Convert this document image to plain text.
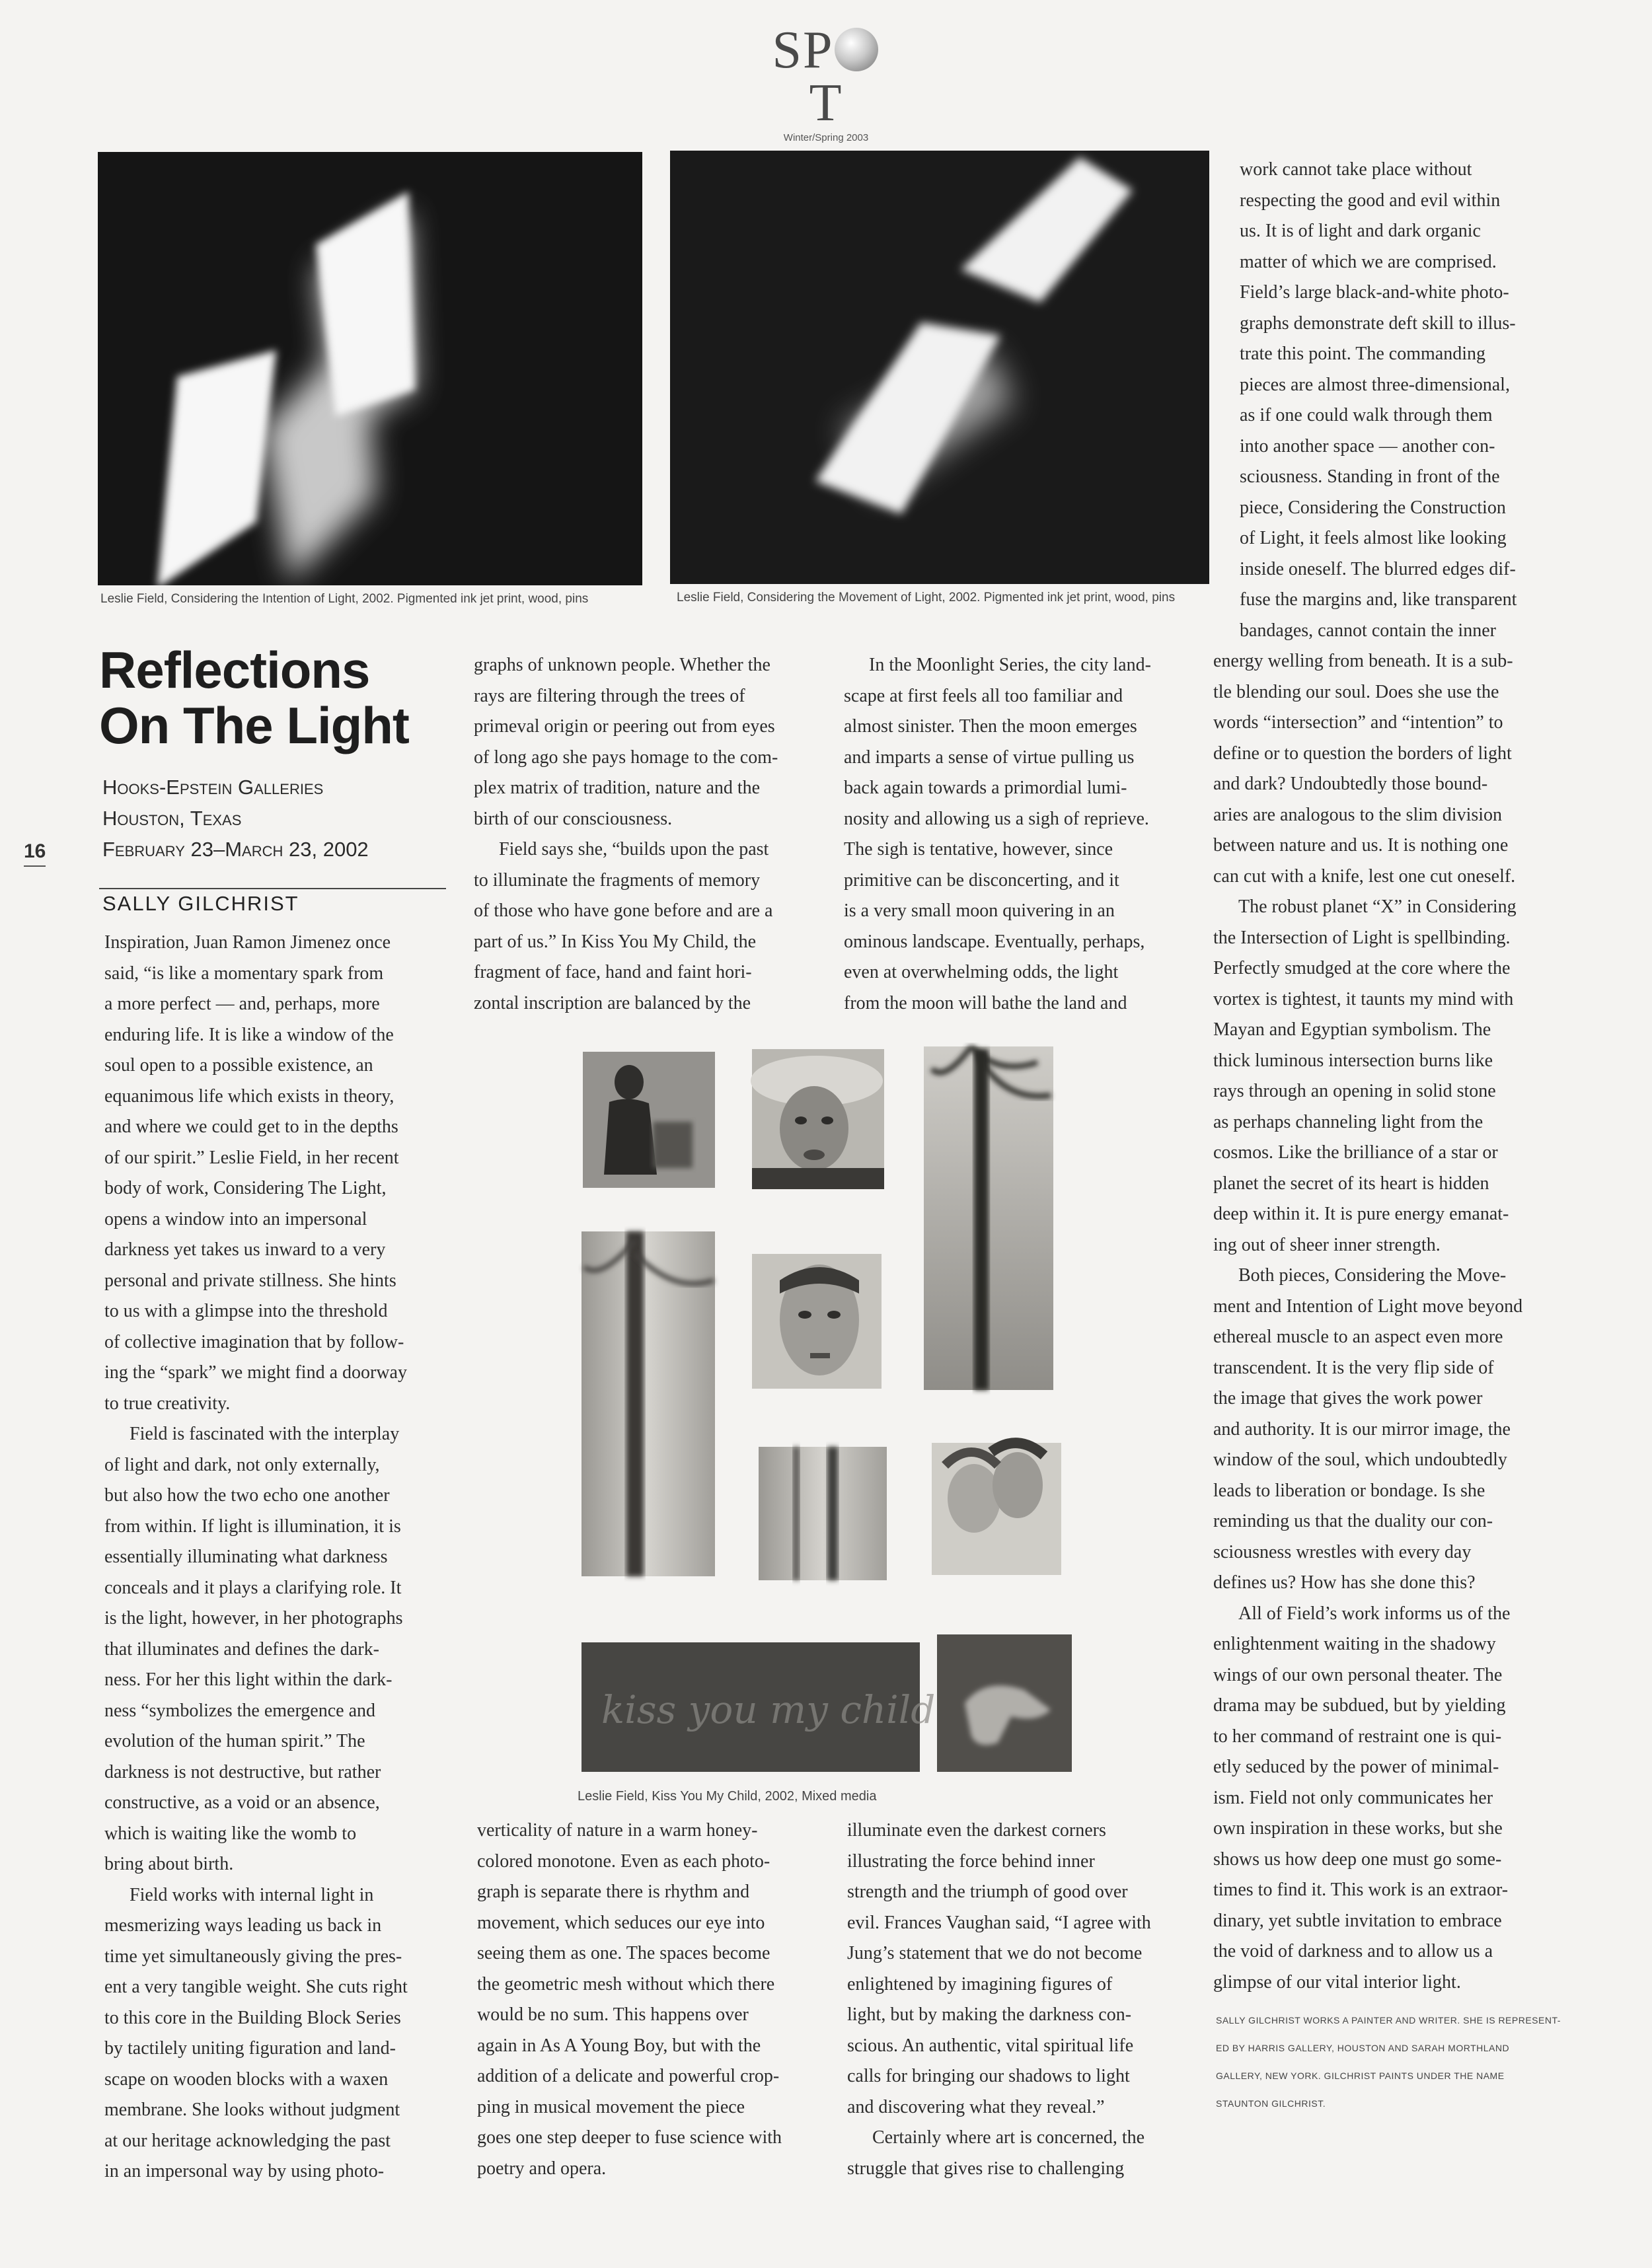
SPT
Winter/Spring 2003
Leslie Field, Considering the Intention of Light, 2002. Pigmented ink jet print, wood, pins	Leslie Field, Considering the Movement of Light, 2002. Pigmented ink jet print, wood, pins
Reflections
On The Light
Hooks-Epstein Galleries
Houston, Texas
February 23–March 23, 2002
16
SALLY GILCHRIST

Inspiration, Juan Ramon Jimenez once

said, “is like a momentary spark from

a more perfect — and, perhaps, more

enduring life. It is like a window of the

soul open to a possible existence, an

equanimous life which exists in theory,

and where we could get to in the depths

of our spirit.” Leslie Field, in her recent

body of work, Considering The Light,

opens a window into an impersonal

darkness yet takes us inward to a very

personal and private stillness. She hints

to us with a glimpse into the threshold

of collective imagination that by follow-

ing the “spark” we might find a doorway

to true creativity.

Field is fascinated with the interplay

of light and dark, not only externally,

but also how the two echo one another

from within. If light is illumination, it is

essentially illuminating what darkness

conceals and it plays a clarifying role. It

is the light, however, in her photographs

that illuminates and defines the dark-

ness. For her this light within the dark-

ness “symbolizes the emergence and

evolution of the human spirit.” The

darkness is not destructive, but rather

constructive, as a void or an absence,

which is waiting like the womb to

bring about birth.

Field works with internal light in

mesmerizing ways leading us back in

time yet simultaneously giving the pres-

ent a very tangible weight. She cuts right

to this core in the Building Block Series

by tactilely uniting figuration and land-

scape on wooden blocks with a waxen

membrane. She looks without judgment

at our heritage acknowledging the past

in an impersonal way by using photo-

graphs of unknown people. Whether the

rays are filtering through the trees of

primeval origin or peering out from eyes

of long ago she pays homage to the com-

plex matrix of tradition, nature and the

birth of our consciousness.

Field says she, “builds upon the past

to illuminate the fragments of memory

of those who have gone before and are a

part of us.” In Kiss You My Child, the

fragment of face, hand and faint hori-

zontal inscription are balanced by the

verticality of nature in a warm honey-

colored monotone. Even as each photo-

graph is separate there is rhythm and

movement, which seduces our eye into

seeing them as one. The spaces become

the geometric mesh without which there

would be no sum. This happens over

again in As A Young Boy, but with the

addition of a delicate and powerful crop-

ping in musical movement the piece

goes one step deeper to fuse science with

poetry and opera.

In the Moonlight Series, the city land-

scape at first feels all too familiar and

almost sinister. Then the moon emerges

and imparts a sense of virtue pulling us

back again towards a primordial lumi-

nosity and allowing us a sigh of reprieve.

The sigh is tentative, however, since

primitive can be disconcerting, and it

is a very small moon quivering in an

ominous landscape. Eventually, perhaps,

even at overwhelming odds, the light

from the moon will bathe the land and

illuminate even the darkest corners

illustrating the force behind inner

strength and the triumph of good over

evil. Frances Vaughan said, “I agree with

Jung’s statement that we do not become

enlightened by imagining figures of

light, but by making the darkness con-

scious. An authentic, vital spiritual life

calls for bringing our shadows to light

and discovering what they reveal.”

Certainly where art is concerned, the

struggle that gives rise to challenging

work cannot take place without

respecting the good and evil within

us. It is of light and dark organic

matter of which we are comprised.

Field’s large black-and-white photo-

graphs demonstrate deft skill to illus-

trate this point. The commanding

pieces are almost three-dimensional,

as if one could walk through them

into another space — another con-

sciousness. Standing in front of the

piece, Considering the Construction

of Light, it feels almost like looking

inside oneself. The blurred edges dif-

fuse the margins and, like transparent

bandages, cannot contain the inner

energy welling from beneath. It is a sub-

tle blending our soul. Does she use the

words “intersection” and “intention” to

define or to question the borders of light

and dark? Undoubtedly those bound-

aries are analogous to the slim division

between nature and us. It is nothing one

can cut with a knife, lest one cut oneself.

The robust planet “X” in Considering

the Intersection of Light is spellbinding.

Perfectly smudged at the core where the

vortex is tightest, it taunts my mind with

Mayan and Egyptian symbolism. The

thick luminous intersection burns like

rays through an opening in solid stone

as perhaps channeling light from the

cosmos. Like the brilliance of a star or

planet the secret of its heart is hidden

deep within it. It is pure energy emanat-

ing out of sheer inner strength.

Both pieces, Considering the Move-

ment and Intention of Light move beyond

ethereal muscle to an aspect even more

transcendent. It is the very flip side of

the image that gives the work power

and authority. It is our mirror image, the

window of the soul, which undoubtedly

leads to liberation or bondage. Is she

reminding us that the duality our con-

sciousness wrestles with every day

defines us? How has she done this?

All of Field’s work informs us of the

enlightenment waiting in the shadowy

wings of our own personal theater. The

drama may be subdued, but by yielding

to her command of restraint one is qui-

etly seduced by the power of minimal-

ism. Field not only communicates her

own inspiration in these works, but she

shows us how deep one must go some-

times to find it. This work is an extraor-

dinary, yet subtle invitation to embrace

the void of darkness and to allow us a

glimpse of our vital interior light.

SALLY GILCHRIST WORKS A PAINTER AND WRITER. SHE IS REPRESENT-

ED BY HARRIS GALLERY, HOUSTON AND SARAH MORTHLAND

GALLERY, NEW YORK. GILCHRIST PAINTS UNDER THE NAME

STAUNTON GILCHRIST.

kiss you my child
Leslie Field, Kiss You My Child, 2002, Mixed media
